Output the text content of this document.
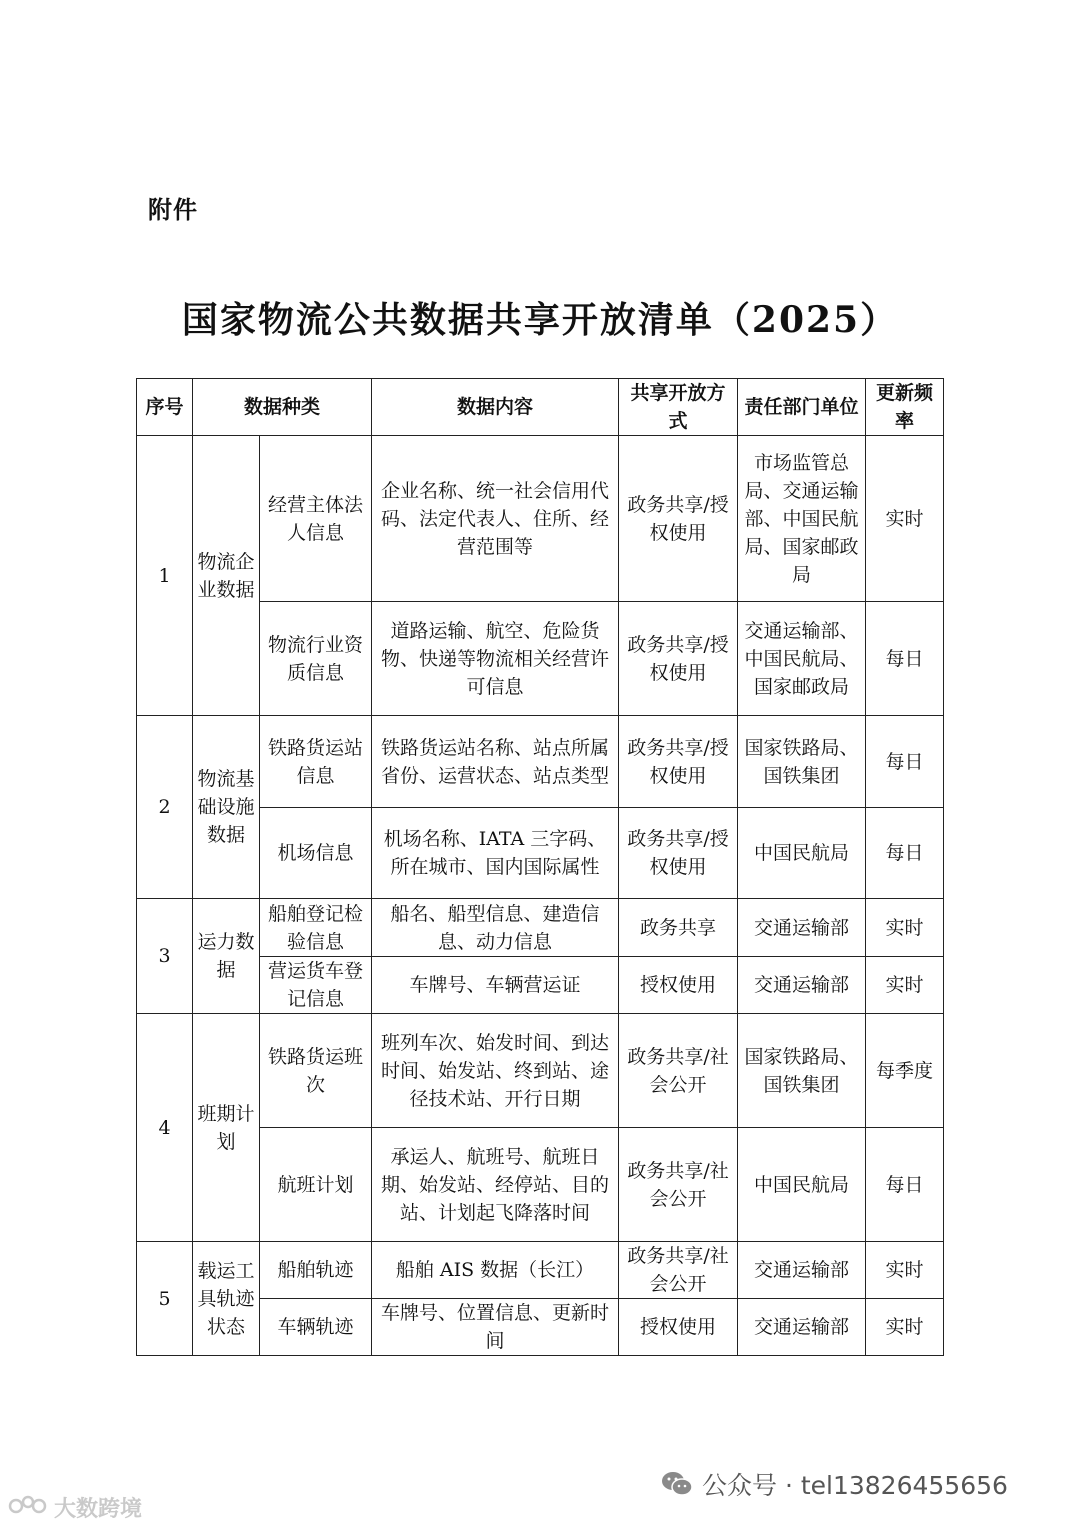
附件
国家物流公共数据共享开放清单（2025）
序号	数据种类		数据内容	共享开放方式	责任部门单位	更新频率
1	物流企业数据	经营主体法人信息	企业名称、统一社会信用代码、法定代表人、住所、经营范围等	政务共享/授权使用	市场监管总局、交通运输部、中国民航局、国家邮政局	实时
		物流行业资质信息	道路运输、航空、危险货物、快递等物流相关经营许可信息	政务共享/授权使用	交通运输部、中国民航局、国家邮政局	每日
2	物流基础设施数据	铁路货运站信息	铁路货运站名称、站点所属省份、运营状态、站点类型	政务共享/授权使用	国家铁路局、国铁集团	每日
		机场信息	机场名称、IATA 三字码、所在城市、国内国际属性	政务共享/授权使用	中国民航局	每日
3	运力数据	船舶登记检验信息	船名、船型信息、建造信息、动力信息	政务共享	交通运输部	实时
		营运货车登记信息	车牌号、车辆营运证	授权使用	交通运输部	实时
4	班期计划	铁路货运班次	班列车次、始发时间、到达时间、始发站、终到站、途径技术站、开行日期	政务共享/社会公开	国家铁路局、国铁集团	每季度
		航班计划	承运人、航班号、航班日期、始发站、经停站、目的站、计划起飞降落时间	政务共享/社会公开	中国民航局	每日
5	载运工具轨迹状态	船舶轨迹	船舶 AIS 数据（长江）	政务共享/社会公开	交通运输部	实时
		车辆轨迹	车牌号、位置信息、更新时间	授权使用	交通运输部	实时
大数跨境
公众号 · tel13826455656
